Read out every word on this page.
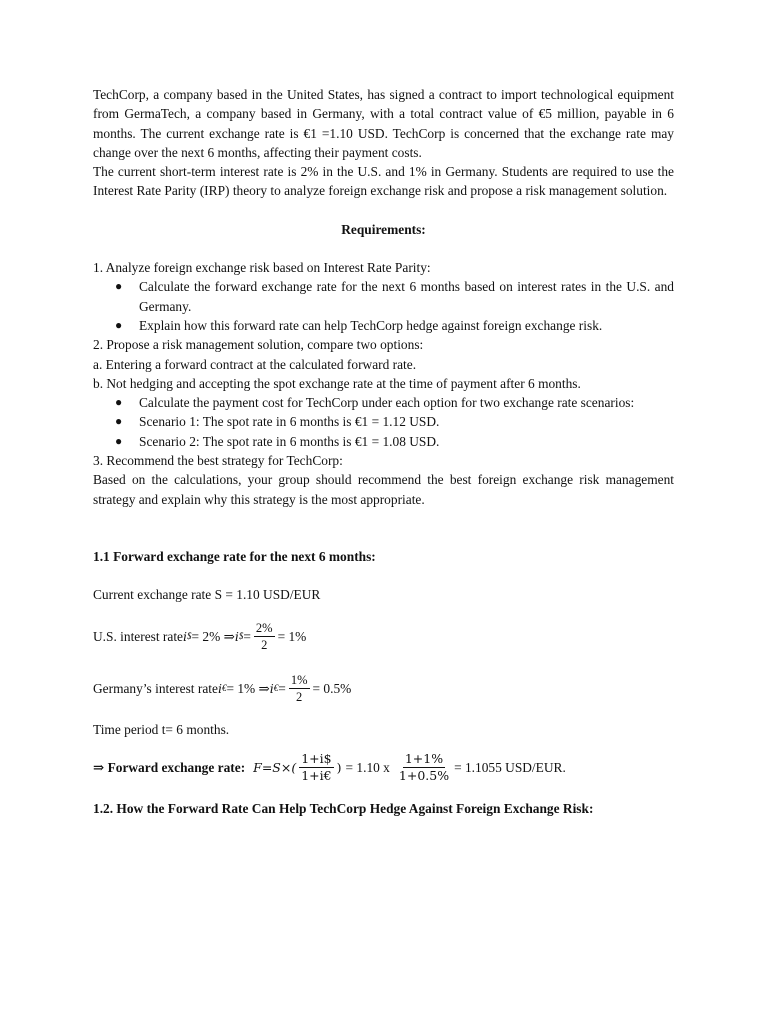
TechCorp, a company based in the United States, has signed a contract to import technological equipment from GermaTech, a company based in Germany, with a total contract value of €5 million, payable in 6 months. The current exchange rate is €1 =1.10 USD. TechCorp is concerned that the exchange rate may change over the next 6 months, affecting their payment costs.

The current short-term interest rate is 2% in the U.S. and 1% in Germany. Students are required to use the Interest Rate Parity (IRP) theory to analyze foreign exchange risk and propose a risk management solution.

Requirements:

1. Analyze foreign exchange risk based on Interest Rate Parity:

● Calculate the forward exchange rate for the next 6 months based on interest rates in the U.S. and Germany.
● Explain how this forward rate can help TechCorp hedge against foreign exchange risk.

2. Propose a risk management solution, compare two options:

a. Entering a forward contract at the calculated forward rate.

b. Not hedging and accepting the spot exchange rate at the time of payment after 6 months.

● Calculate the payment cost for TechCorp under each option for two exchange rate scenarios:
● Scenario 1: The spot rate in 6 months is €1 = 1.12 USD.
● Scenario 2: The spot rate in 6 months is €1 = 1.08 USD.

3. Recommend the best strategy for TechCorp:

Based on the calculations, your group should recommend the best foreign exchange risk management strategy and explain why this strategy is the most appropriate.

1.1 Forward exchange rate for the next 6 months:

Current exchange rate S = 1.10 USD/EUR

U.S. interest rate i $ = 2% ⇒ i $ = $\frac{2\%}{2} = 1\%$
Germany’s interest rate i € = 1% ⇒ i € = $\frac{1\%}{2} = 0.5\%$

Time period t= 6 months.

⇒ Forward exchange rate: $F=S\times( \frac{1+i\$}{1+i€}$ ) = 1.10 x $\frac{1+1\%}{1+0.5\%} = 1.1055$ USD/EUR.

1.2. How the Forward Rate Can Help TechCorp Hedge Against Foreign Exchange Risk:
